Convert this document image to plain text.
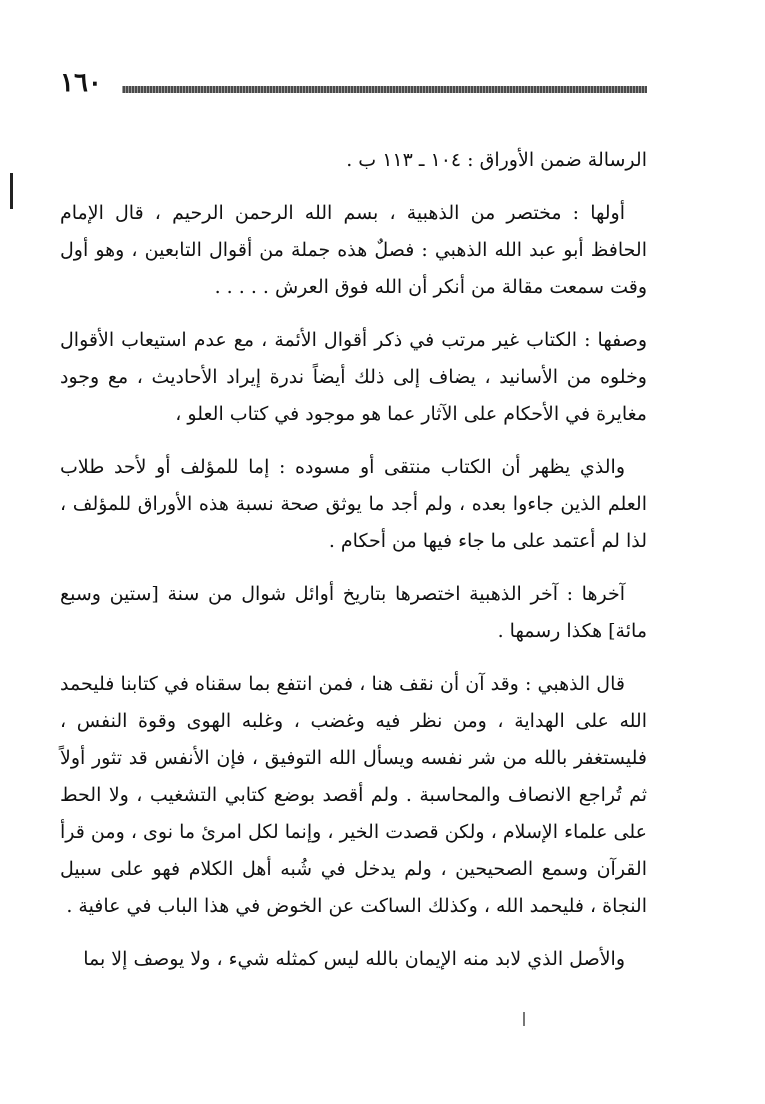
١٦٠

الرسالة ضمن الأوراق : ١٠٤ ـ ١١٣ ب .

أولها : مختصر من الذهبية ، بسم الله الرحمن الرحيم ، قال الإمام الحافظ أبو عبد الله الذهبي : فصلٌ هذه جملة من أقوال التابعين ، وهو أول وقت سمعت مقالة من أنكر أن الله فوق العرش . . . . .

وصفها : الكتاب غير مرتب في ذكر أقوال الأئمة ، مع عدم استيعاب الأقوال وخلوه من الأسانيد ، يضاف إلى ذلك أيضاً ندرة إيراد الأحاديث ، مع وجود مغايرة في الأحكام على الآثار عما هو موجود في كتاب العلو ،

والذي يظهر أن الكتاب منتقى أو مسوده : إما للمؤلف أو لأحد طلاب العلم الذين جاءوا بعده ، ولم أجد ما يوثق صحة نسبة هذه الأوراق للمؤلف ، لذا لم أعتمد على ما جاء فيها من أحكام .

آخرها : آخر الذهبية اختصرها بتاريخ أوائل شوال من سنة [ستين وسبع مائة] هكذا رسمها .

قال الذهبي : وقد آن أن نقف هنا ، فمن انتفع بما سقناه في كتابنا فليحمد الله على الهداية ، ومن نظر فيه وغضب ، وغلبه الهوى وقوة النفس ، فليستغفر بالله من شر نفسه ويسأل الله التوفيق ، فإن الأنفس قد تثور أولاً ثم تُراجع الانصاف والمحاسبة . ولم أقصد بوضع كتابي التشغيب ، ولا الحط على علماء الإسلام ، ولكن قصدت الخير ، وإنما لكل امرئ ما نوى ، ومن قرأ القرآن وسمع الصحيحين ، ولم يدخل في شُبه أهل الكلام فهو على سبيل النجاة ، فليحمد الله ، وكذلك الساكت عن الخوض في هذا الباب في عافية .

والأصل الذي لابد منه الإيمان بالله ليس كمثله شيء ، ولا يوصف إلا بما
